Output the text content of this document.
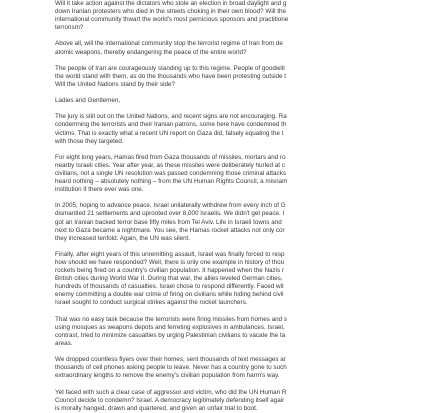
Will it take action against the dictators who stole an election in broad daylight and g
down Iranian protesters who died in the streets choking in their own blood? Will the
international community thwart the world's most pernicious sponsors and practitione
terrorism?

Above all, will the international community stop the terrorist regime of Iran from de
atomic weapons, thereby endangering the peace of the entire world?

The people of Iran are courageously standing up to this regime. People of goodwill
the world stand with them, as do the thousands who have been protesting outside t
Will the United Nations stand by their side?

Ladies and Gentlemen,

The jury is still out on the United Nations, and recent signs are not encouraging. Ra
condemning the terrorists and their Iranian patrons, some here have condemned th
victims. That is exactly what a recent UN report on Gaza did, falsely equating the t
with those they targeted.

For eight long years, Hamas fired from Gaza thousands of missiles, mortars and ro
nearby Israeli cities. Year after year, as these missiles were deliberately hurled at c
civilians, not a single UN resolution was passed condemning those criminal attacks
heard nothing – absolutely nothing – from the UN Human Rights Council, a misnam
institution if there ever was one.

In 2005, hoping to advance peace, Israel unilaterally withdrew from every inch of G
dismantled 21 settlements and uprooted over 8,000 Israelis. We didn't get peace. I
got an Iranian backed terror base fifty miles from Tel Aviv. Life in Israeli towns and
next to Gaza became a nightmare. You see, the Hamas rocket attacks not only cor
they increased tenfold. Again, the UN was silent.

Finally, after eight years of this unremitting assault, Israel was finally forced to resp
how should we have responded? Well, there is only one example in history of thou
rockets being fired on a country's civilian population. It happened when the Nazis r
British cities during World War II. During that war, the allies leveled German cities,
hundreds of thousands of casualties. Israel chose to respond differently. Faced wit
enemy committing a double war crime of firing on civilians while hiding behind civil
Israel sought to conduct surgical strikes against the rocket launchers.

That was no easy task because the terrorists were firing missiles from homes and s
using mosques as weapons depots and ferreting explosives in ambulances. Israel,
contrast, tried to minimize casualties by urging Palestinian civilians to vacate the ta
areas.

We dropped countless flyers over their homes, sent thousands of text messages ar
thousands of cell phones asking people to leave. Never has a country gone to such
extraordinary lengths to remove the enemy's civilian population from harm's way.

Yet faced with such a clear case of aggressor and victim, who did the UN Human R
Council decide to condemn? Israel. A democracy legitimately defending itself agair
is morally hanged, drawn and quartered, and given an unfair trial to boot.
